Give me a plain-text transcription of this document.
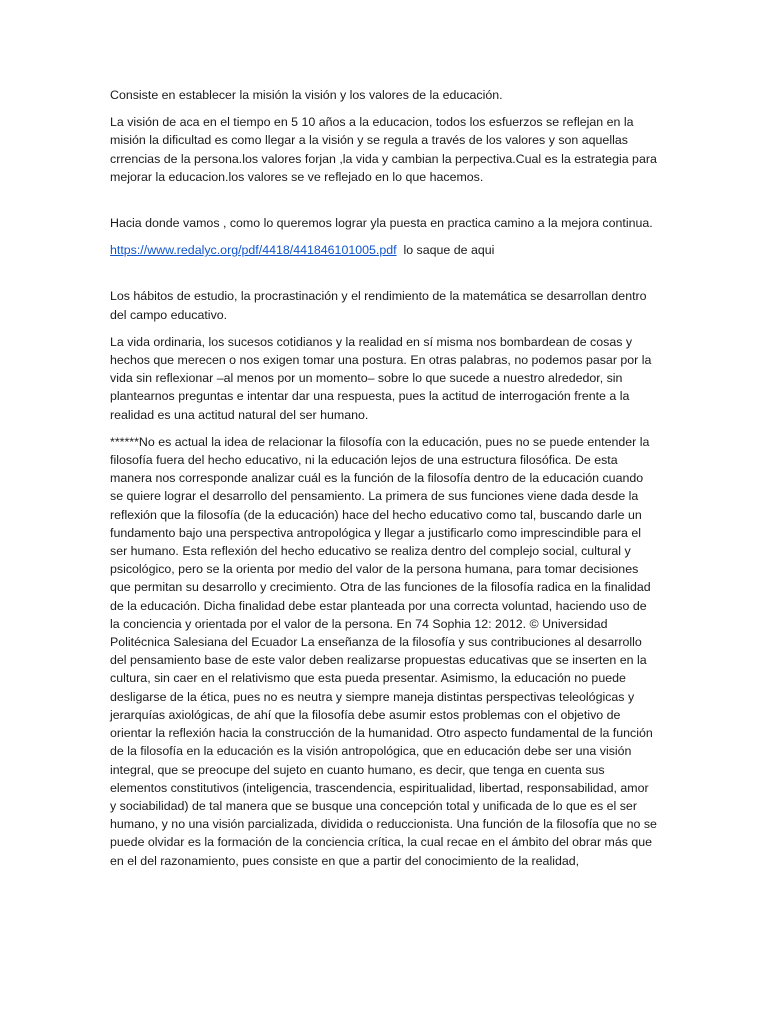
Consiste en establecer la misión la visión y los valores de la educación.

La visión de aca en el tiempo en 5 10 años a la educacion, todos los esfuerzos se reflejan en la misión la dificultad es como llegar a la visión y se regula a través de los valores y son aquellas crrencias de la persona.los valores forjan ,la vida y cambian la perpectiva.Cual es la estrategia para mejorar la educacion.los valores se ve reflejado en lo que hacemos.

Hacia donde vamos , como lo queremos lograr yla puesta en practica camino a la mejora continua.

https://www.redalyc.org/pdf/4418/441846101005.pdf lo saque de aqui

Los hábitos de estudio, la procrastinación y el rendimiento de la matemática se desarrollan dentro del campo educativo.

La vida ordinaria, los sucesos cotidianos y la realidad en sí misma nos bombardean de cosas y hechos que merecen o nos exigen tomar una postura. En otras palabras, no podemos pasar por la vida sin reflexionar –al menos por un momento– sobre lo que sucede a nuestro alrededor, sin plantearnos preguntas e intentar dar una respuesta, pues la actitud de interrogación frente a la realidad es una actitud natural del ser humano.

******No es actual la idea de relacionar la filosofía con la educación, pues no se puede entender la filosofía fuera del hecho educativo, ni la educación lejos de una estructura filosófica. De esta manera nos corresponde analizar cuál es la función de la filosofía dentro de la educación cuando se quiere lograr el desarrollo del pensamiento. La primera de sus funciones viene dada desde la reflexión que la filosofía (de la educación) hace del hecho educativo como tal, buscando darle un fundamento bajo una perspectiva antropológica y llegar a justificarlo como imprescindible para el ser humano. Esta reflexión del hecho educativo se realiza dentro del complejo social, cultural y psicológico, pero se la orienta por medio del valor de la persona humana, para tomar decisiones que permitan su desarrollo y crecimiento. Otra de las funciones de la filosofía radica en la finalidad de la educación. Dicha finalidad debe estar planteada por una correcta voluntad, haciendo uso de la conciencia y orientada por el valor de la persona. En 74 Sophia 12: 2012. © Universidad Politécnica Salesiana del Ecuador La enseñanza de la filosofía y sus contribuciones al desarrollo del pensamiento base de este valor deben realizarse propuestas educativas que se inserten en la cultura, sin caer en el relativismo que esta pueda presentar. Asimismo, la educación no puede desligarse de la ética, pues no es neutra y siempre maneja distintas perspectivas teleológicas y jerarquías axiológicas, de ahí que la filosofía debe asumir estos problemas con el objetivo de orientar la reflexión hacia la construcción de la humanidad. Otro aspecto fundamental de la función de la filosofía en la educación es la visión antropológica, que en educación debe ser una visión integral, que se preocupe del sujeto en cuanto humano, es decir, que tenga en cuenta sus elementos constitutivos (inteligencia, trascendencia, espiritualidad, libertad, responsabilidad, amor y sociabilidad) de tal manera que se busque una concepción total y unificada de lo que es el ser humano, y no una visión parcializada, dividida o reduccionista. Una función de la filosofía que no se puede olvidar es la formación de la conciencia crítica, la cual recae en el ámbito del obrar más que en el del razonamiento, pues consiste en que a partir del conocimiento de la realidad,
